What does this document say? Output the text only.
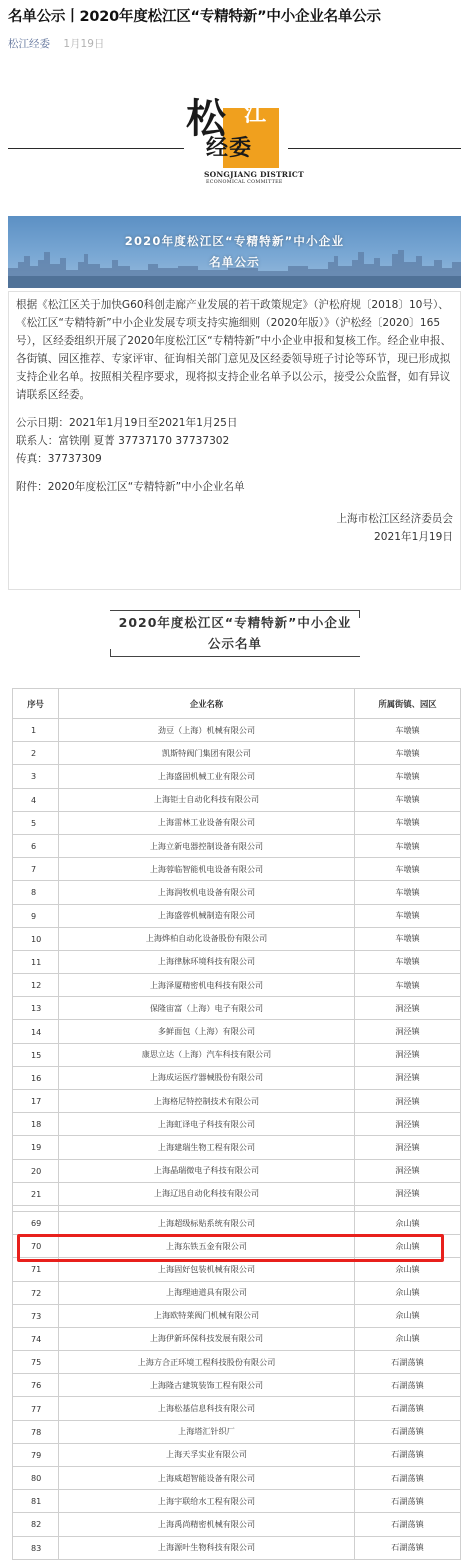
名单公示丨2020年度松江区“专精特新”中小企业名单公示
松江经委 1月19日
松 江
经委
SONGJIANG DISTRICT
ECONOMICAL COMMITTEE
2020年度松江区“专精特新”中小企业
名单公示

根据《松江区关于加快G60科创走廊产业发展的若干政策规定》（沪松府规〔2018〕10号）、《松江区“专精特新”中小企业发展专项支持实施细则（2020年版）》（沪松经〔2020〕165号），区经委组织开展了2020年度松江区“专精特新”中小企业申报和复核工作。经企业申报、各街镇、园区推荐、专家评审、征询相关部门意见及区经委领导班子讨论等环节，现已形成拟支持企业名单。按照相关程序要求，现将拟支持企业名单予以公示，接受公众监督，如有异议请联系区经委。

公示日期：2021年1月19日至2021年1月25日

联系人：富铁刚 夏菁 37737170 37737302

传真：37737309

附件：2020年度松江区“专精特新”中小企业名单

上海市松江区经济委员会

2021年1月19日

2020年度松江区“专精特新”中小企业
公示名单
序号	企业名称	所属街镇、园区
1	劲豆（上海）机械有限公司	车墩镇
2	凯斯特阀门集团有限公司	车墩镇
3	上海盛固机械工业有限公司	车墩镇
4	上海钜士自动化科技有限公司	车墩镇
5	上海雷林工业设备有限公司	车墩镇
6	上海立新电器控制设备有限公司	车墩镇
7	上海蓉临智能机电设备有限公司	车墩镇
8	上海润牧机电设备有限公司	车墩镇
9	上海盛蓉机械制造有限公司	车墩镇
10	上海烨柏自动化设备股份有限公司	车墩镇
11	上海律脉环境科技有限公司	车墩镇
12	上海泽厦精密机电科技有限公司	车墩镇
13	保隆宙富（上海）电子有限公司	洞泾镇
14	多鲜面包（上海）有限公司	洞泾镇
15	康思立达（上海）汽车科技有限公司	洞泾镇
16	上海成运医疗器械股份有限公司	洞泾镇
17	上海格尼特控制技术有限公司	洞泾镇
18	上海虹译电子科技有限公司	洞泾镇
19	上海建瑞生物工程有限公司	洞泾镇
20	上海晶瑞微电子科技有限公司	洞泾镇
21	上海辽迅自动化科技有限公司	洞泾镇

69	上海超级标贴系统有限公司	佘山镇
70	上海东铁五金有限公司	佘山镇
71	上海固好包装机械有限公司	佘山镇
72	上海理迪道具有限公司	佘山镇
73	上海欧特莱阀门机械有限公司	佘山镇
74	上海伊新环保科技发展有限公司	佘山镇
75	上海方合正环境工程科技股份有限公司	石湖荡镇
76	上海隆古建筑装饰工程有限公司	石湖荡镇
77	上海松基信息科技有限公司	石湖荡镇
78	上海塔汇针织厂	石湖荡镇
79	上海天孚实业有限公司	石湖荡镇
80	上海威超智能设备有限公司	石湖荡镇
81	上海宇联给水工程有限公司	石湖荡镇
82	上海禹尚精密机械有限公司	石湖荡镇
83	上海源叶生物科技有限公司	石湖荡镇
